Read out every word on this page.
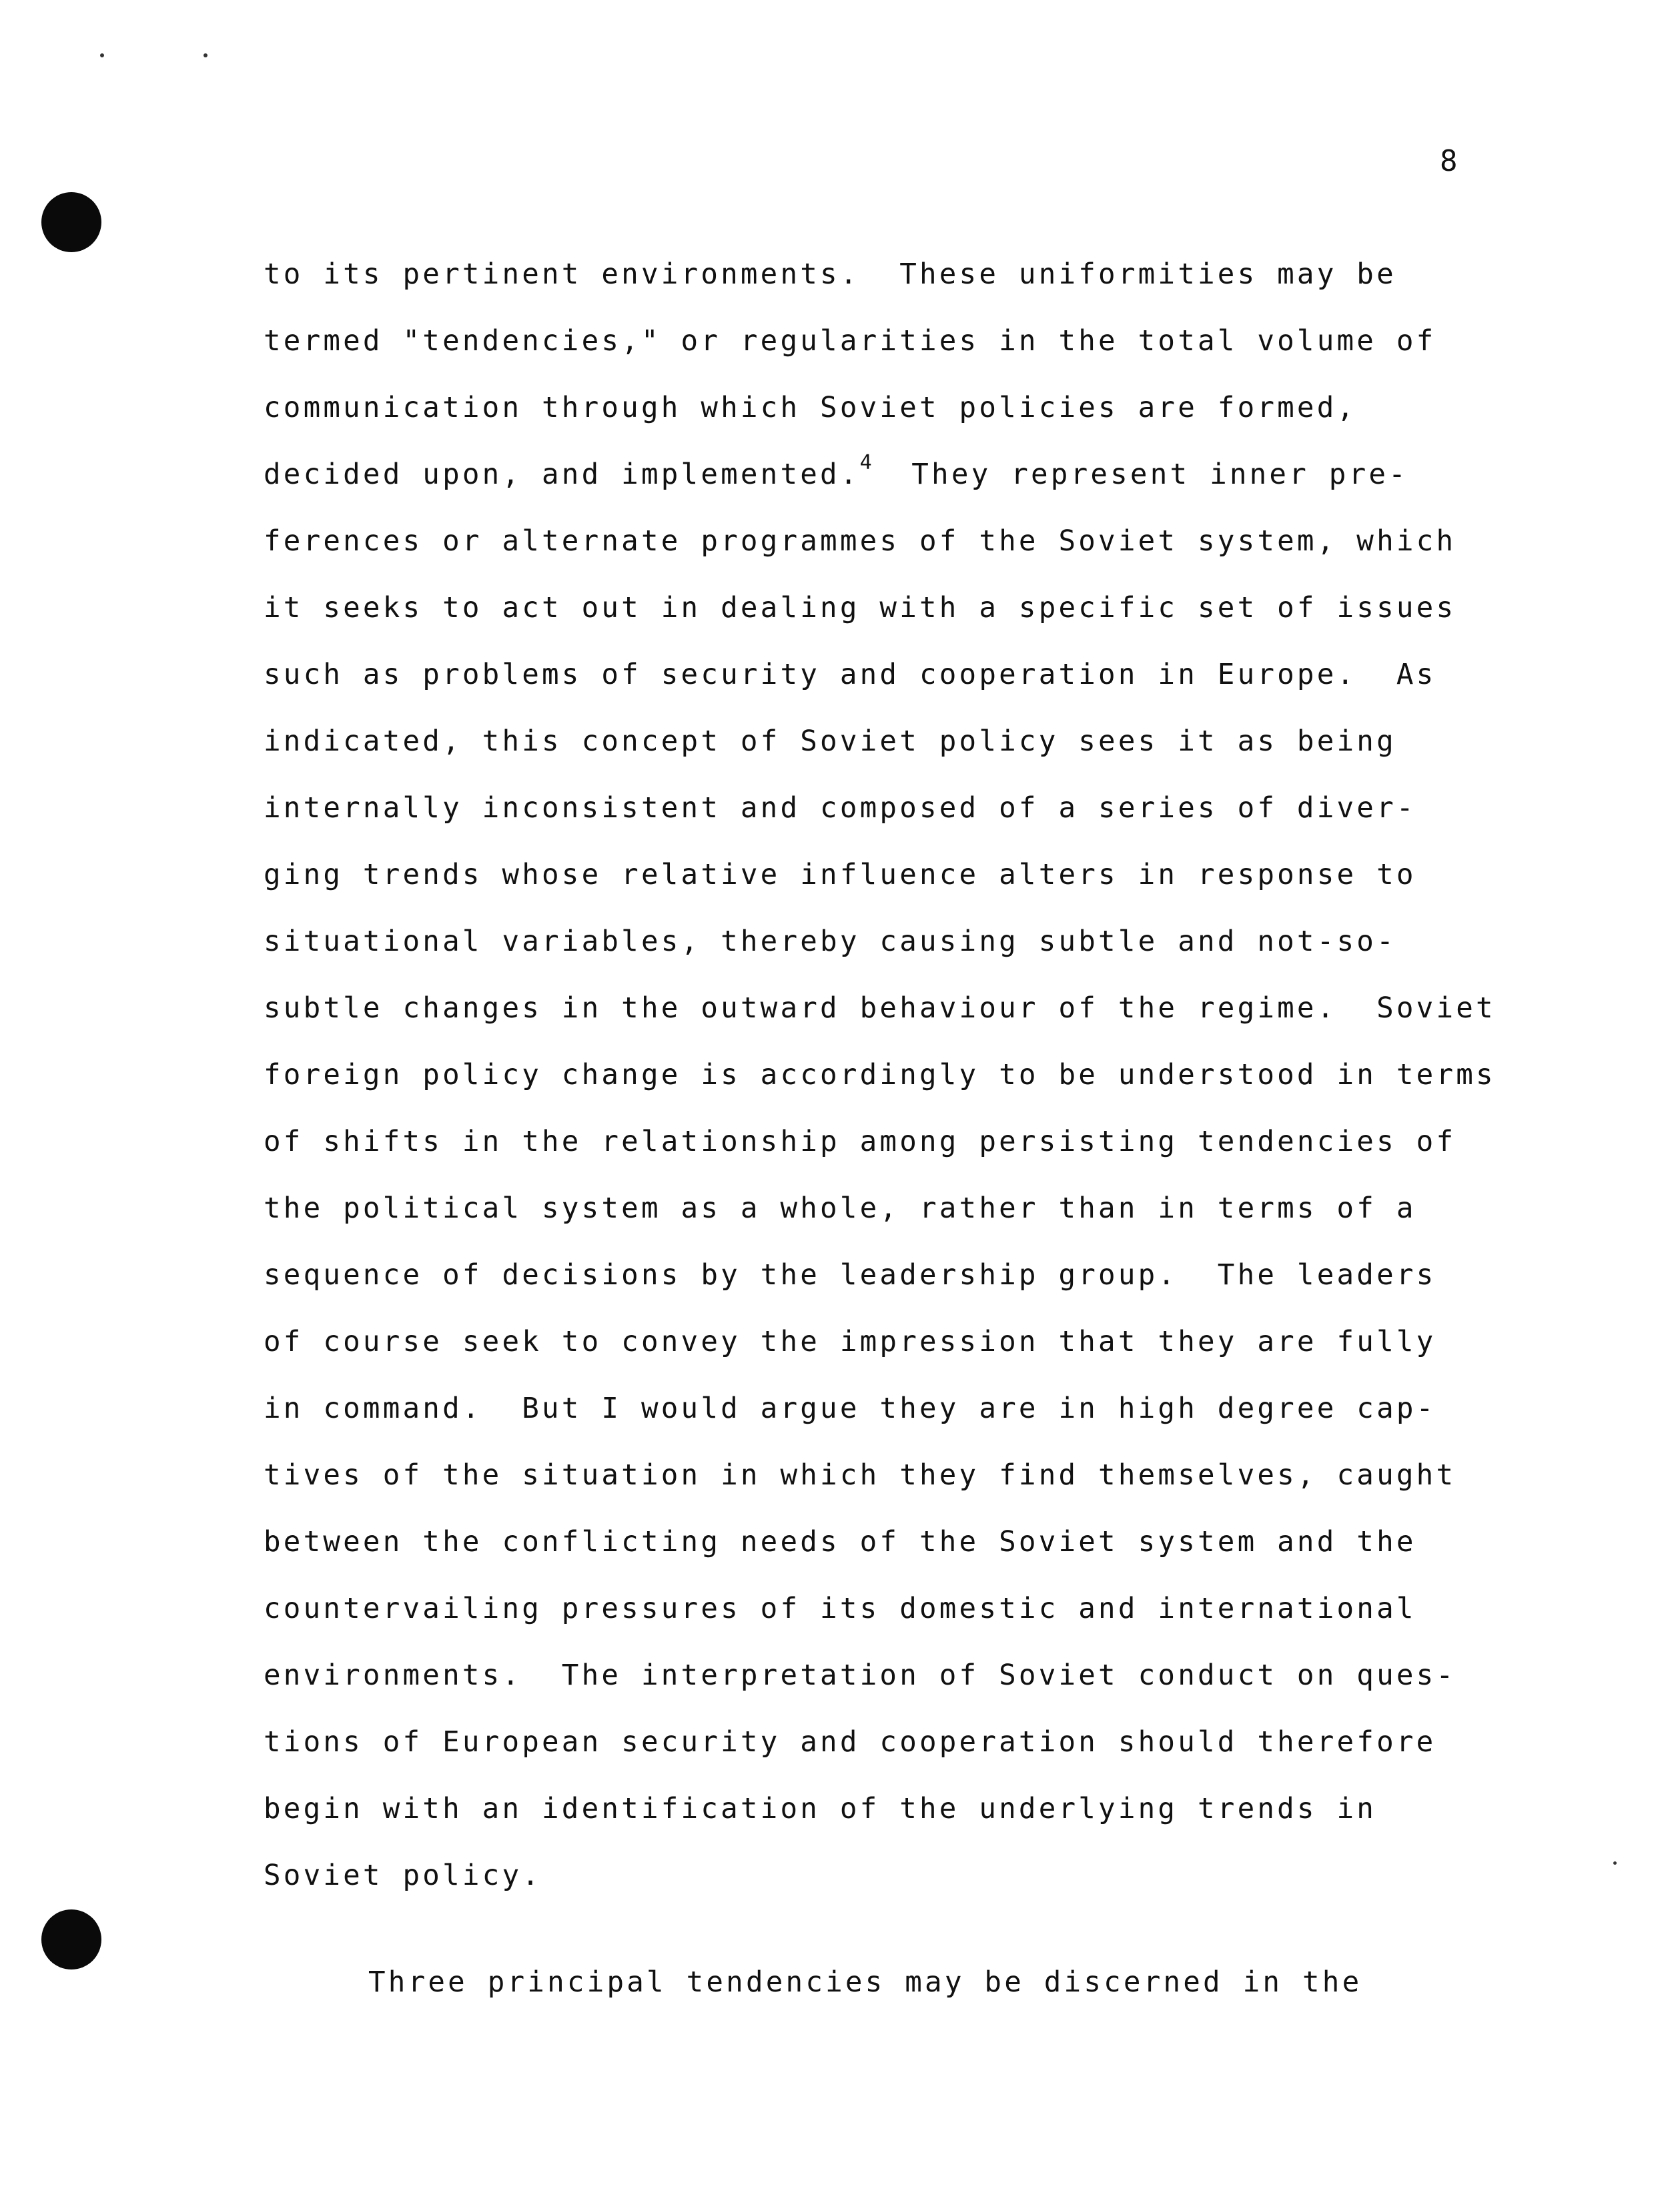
8
to its pertinent environments.  These uniformities may be
termed "tendencies," or regularities in the total volume of
communication through which Soviet policies are formed,
decided upon, and implemented.$^4$ They represent inner pre-
ferences or alternate programmes of the Soviet system, which
it seeks to act out in dealing with a specific set of issues
such as problems of security and cooperation in Europe.  As
indicated, this concept of Soviet policy sees it as being
internally inconsistent and composed of a series of diver-
ging trends whose relative influence alters in response to
situational variables, thereby causing subtle and not-so-
subtle changes in the outward behaviour of the regime.  Soviet
foreign policy change is accordingly to be understood in terms
of shifts in the relationship among persisting tendencies of
the political system as a whole, rather than in terms of a
sequence of decisions by the leadership group.  The leaders
of course seek to convey the impression that they are fully
in command.  But I would argue they are in high degree cap-
tives of the situation in which they find themselves, caught
between the conflicting needs of the Soviet system and the
countervailing pressures of its domestic and international
environments.  The interpretation of Soviet conduct on ques-
tions of European security and cooperation should therefore
begin with an identification of the underlying trends in
Soviet policy.
Three principal tendencies may be discerned in the
